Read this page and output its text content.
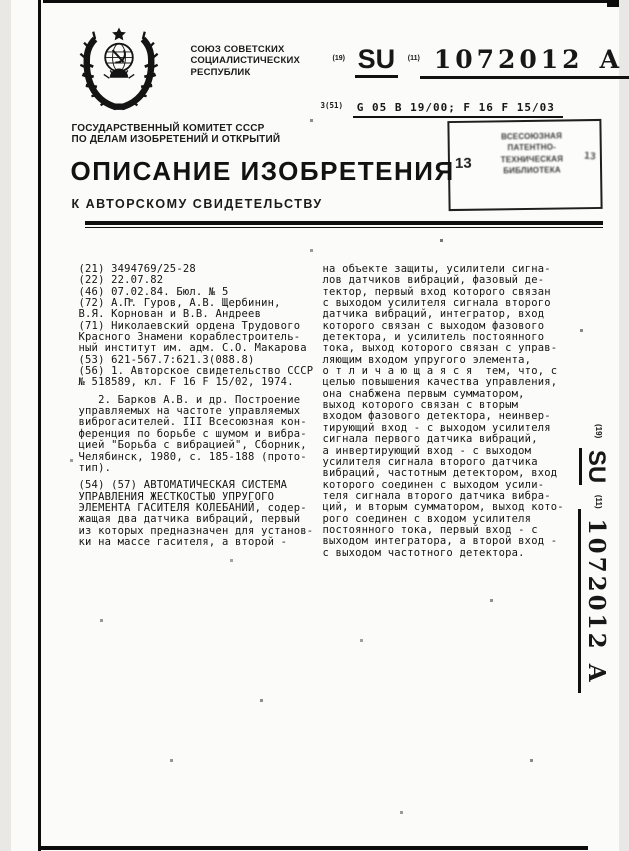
СОЮЗ СОВЕТСКИХ
СОЦИАЛИСТИЧЕСКИХ
РЕСПУБЛИК
$^{(19)}$ SU $^{(11)}$ 1072012 A
3(51) G 05 B 19/00; F 16 F 15/03
ГОСУДАРСТВЕННЫЙ КОМИТЕТ СССР
ПО ДЕЛАМ ИЗОБРЕТЕНИЙ И ОТКРЫТИЙ
13
ВСЕСОЮЗНАЯ
ПАТЕНТНО-
ТЕХНИЧЕСКАЯ
БИБЛИОТЕКА
13
ОПИСАНИЕ ИЗОБРЕТЕНИЯ
К АВТОРСКОМУ СВИДЕТЕЛЬСТВУ
(21) 3494769/25-28
(22) 22.07.82
(46) 07.02.84. Бюл. № 5
(72) А.П. Гуров, А.В. Щербинин,
В.Я. Корнован и В.В. Андреев
(71) Николаевский ордена Трудового
Красного Знамени кораблестроитель-
ный институт им. адм. С.О. Макарова
(53) 621-567.7:621.3(088.8)
(56) 1. Авторское свидетельство СССР
№ 518589, кл. F 16 F 15/02, 1974.
2. Барков А.В. и др. Построение
управляемых на частоте управляемых
виброгасителей. III Всесоюзная кон-
ференция по борьбе с шумом и вибра-
цией "Борьба с вибрацией", Сборник,
Челябинск, 1980, с. 185-188 (прото-
тип).
(54) (57) АВТОМАТИЧЕСКАЯ СИСТЕМА
УПРАВЛЕНИЯ ЖЕСТКОСТЬЮ УПРУГОГО
ЭЛЕМЕНТА ГАСИТЕЛЯ КОЛЕБАНИЙ, содер-
жащая два датчика вибраций, первый
из которых предназначен для установ-
ки на массе гасителя, а второй -
на объекте защиты, усилители сигна-
лов датчиков вибраций, фазовый де-
тектор, первый вход которого связан
с выходом усилителя сигнала второго
датчика вибраций, интегратор, вход
которого связан с выходом фазового
детектора, и усилитель постоянного
тока, выход которого связан с управ-
ляющим входом упругого элемента,
о т л и ч а ю щ а я с я  тем, что, с
целью повышения качества управления,
она снабжена первым сумматором,
выход которого связан с вторым
входом фазового детектора, неинвер-
тирующий вход - с выходом усилителя
сигнала первого датчика вибраций,
а инвертирующий вход - с выходом
усилителя сигнала второго датчика
вибраций, частотным детектором, вход
которого соединен с выходом усили-
теля сигнала второго датчика вибра-
ций, и вторым сумматором, выход кото-
рого соединен с входом усилителя
постоянного тока, первый вход - с
выходом интегратора, а второй вход -
с выходом частотного детектора.
$^{(19)}$ SU $^{(11)}$1072012A
